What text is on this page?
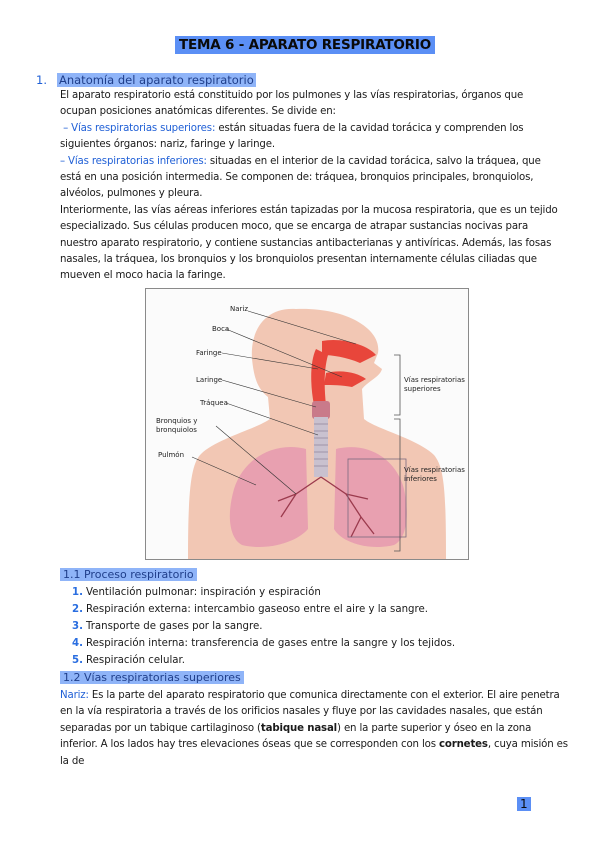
TEMA 6 - APARATO RESPIRATORIO
1. Anatomía del aparato respiratorio
El aparato respiratorio está constituido por los pulmones y las vías respiratorias, órganos que ocupan posiciones anatómicas diferentes. Se divide en:
– Vías respiratorias superiores: están situadas fuera de la cavidad torácica y comprenden los siguientes órganos: nariz, faringe y laringe.
– Vías respiratorias inferiores: situadas en el interior de la cavidad torácica, salvo la tráquea, que está en una posición intermedia. Se componen de: tráquea, bronquios principales, bronquiolos, alvéolos, pulmones y pleura.
Interiormente, las vías aéreas inferiores están tapizadas por la mucosa respiratoria, que es un tejido especializado. Sus células producen moco, que se encarga de atrapar sustancias nocivas para nuestro aparato respiratorio, y contiene sustancias antibacterianas y antivíricas. Además, las fosas nasales, la tráquea, los bronquios y los bronquiolos presentan internamente células ciliadas que mueven el moco hacia la faringe.
Nariz
Boca
Faringe
Laringe
Tráquea
Bronquios y
bronquiolos
Pulmón
Vías respiratorias
superiores
Vías respiratorias
inferiores
1.1 Proceso respiratorio
1. Ventilación pulmonar: inspiración y espiración
2. Respiración externa: intercambio gaseoso entre el aire y la sangre.
3. Transporte de gases por la sangre.
4. Respiración interna: transferencia de gases entre la sangre y los tejidos.
5. Respiración celular.
1.2 Vías respiratorias superiores
Nariz: Es la parte del aparato respiratorio que comunica directamente con el exterior. El aire penetra en la vía respiratoria a través de los orificios nasales y fluye por las cavidades nasales, que están separadas por un tabique cartilaginoso (tabique nasal) en la parte superior y óseo en la zona inferior. A los lados hay tres elevaciones óseas que se corresponden con los cornetes, cuya misión es la de
1
